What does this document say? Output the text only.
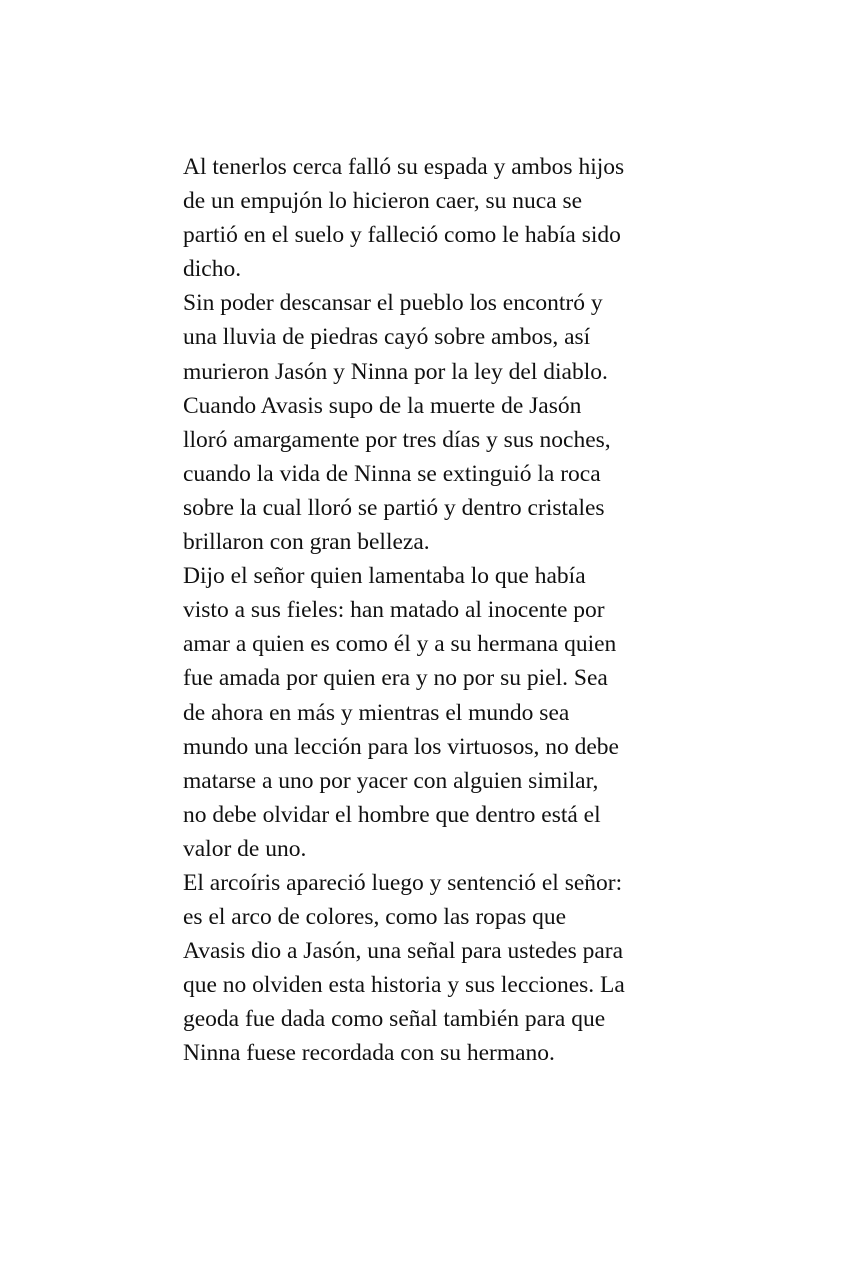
Al tenerlos cerca falló su espada y ambos hijos
de un empujón lo hicieron caer, su nuca se
partió en el suelo y falleció como le había sido
dicho.

Sin poder descansar el pueblo los encontró y
una lluvia de piedras cayó sobre ambos, así
murieron Jasón y Ninna por la ley del diablo.

Cuando Avasis supo de la muerte de Jasón
lloró amargamente por tres días y sus noches,
cuando la vida de Ninna se extinguió la roca
sobre la cual lloró se partió y dentro cristales
brillaron con gran belleza.

Dijo el señor quien lamentaba lo que había
visto a sus fieles: han matado al inocente por
amar a quien es como él y a su hermana quien
fue amada por quien era y no por su piel. Sea
de ahora en más y mientras el mundo sea
mundo una lección para los virtuosos, no debe
matarse a uno por yacer con alguien similar,
no debe olvidar el hombre que dentro está el
valor de uno.

El arcoíris apareció luego y sentenció el señor:
es el arco de colores, como las ropas que
Avasis dio a Jasón, una señal para ustedes para
que no olviden esta historia y sus lecciones. La
geoda fue dada como señal también para que
Ninna fuese recordada con su hermano.
